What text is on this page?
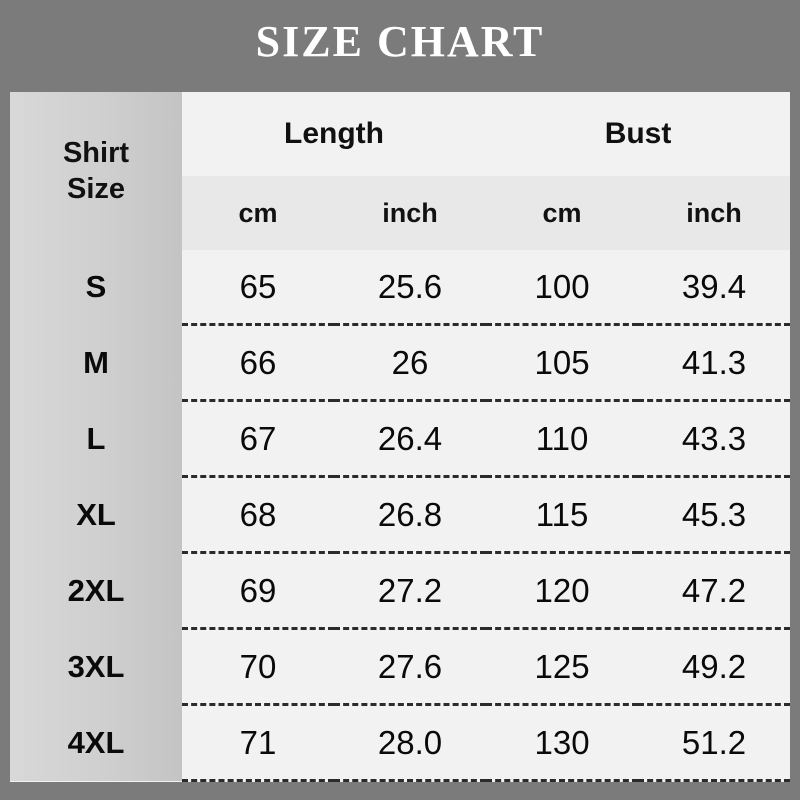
SIZE CHART
Shirt
Size	Length		Bust	
	cm	inch	cm	inch
S	65	25.6	100	39.4
M	66	26	105	41.3
L	67	26.4	110	43.3
XL	68	26.8	115	45.3
2XL	69	27.2	120	47.2
3XL	70	27.6	125	49.2
4XL	71	28.0	130	51.2
